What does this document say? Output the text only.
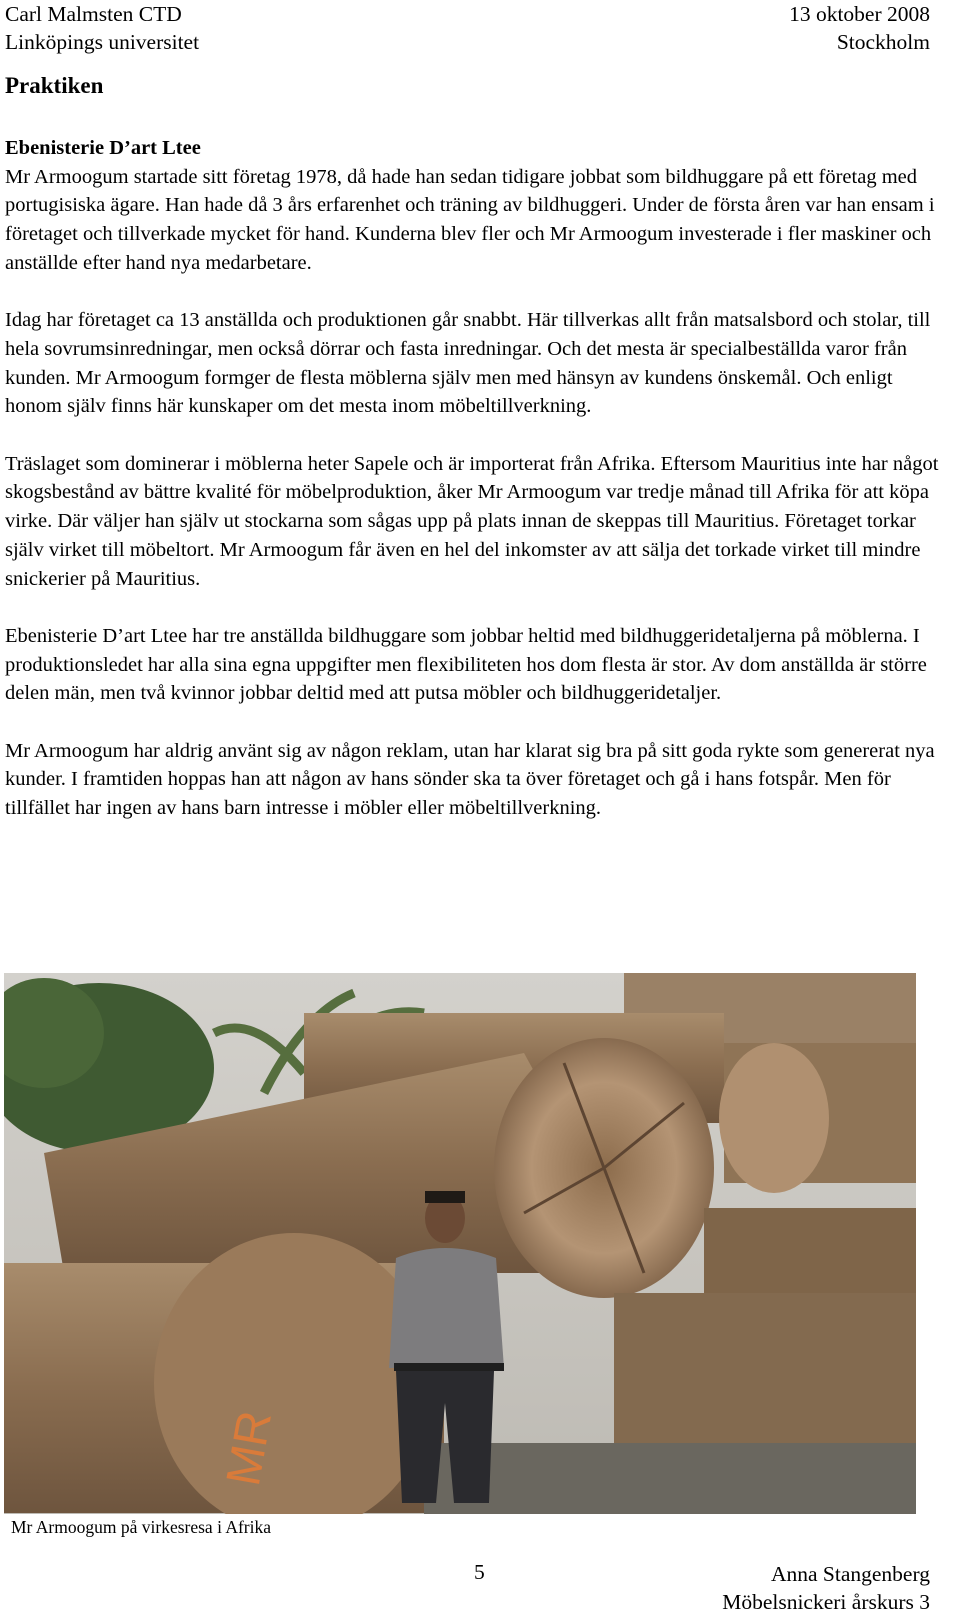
Carl Malmsten CTD
Linköpings universitet
13 oktober 2008
Stockholm
Praktiken
Ebenisterie D’art Ltee

Mr Armoogum startade sitt företag 1978, då hade han sedan tidigare jobbat som bildhuggare på ett företag med portugisiska ägare. Han hade då 3 års erfarenhet och träning av bildhuggeri. Under de första åren var han ensam i företaget och tillverkade mycket för hand. Kunderna blev fler och Mr Armoogum investerade i fler maskiner och anställde efter hand nya medarbetare.

Idag har företaget ca 13 anställda och produktionen går snabbt. Här tillverkas allt från matsalsbord och stolar, till hela sovrumsinredningar, men också dörrar och fasta inredningar. Och det mesta är specialbeställda varor från kunden. Mr Armoogum formger de flesta möblerna själv men med hänsyn av kundens önskemål. Och enligt honom själv finns här kunskaper om det mesta inom möbeltillverkning.

Träslaget som dominerar i möblerna heter Sapele och är importerat från Afrika. Eftersom Mauritius inte har något skogsbestånd av bättre kvalité för möbelproduktion, åker Mr Armoogum var tredje månad till Afrika för att köpa virke. Där väljer han själv ut stockarna som sågas upp på plats innan de skeppas till Mauritius. Företaget torkar själv virket till möbeltort. Mr Armoogum får även en hel del inkomster av att sälja det torkade virket till mindre snickerier på Mauritius.

Ebenisterie D’art Ltee har tre anställda bildhuggare som jobbar heltid med bildhuggeridetaljerna på möblerna. I produktionsledet har alla sina egna uppgifter men flexibiliteten hos dom flesta är stor. Av dom anställda är större delen män, men två kvinnor jobbar deltid med att putsa möbler och bildhuggeridetaljer.

Mr Armoogum har aldrig använt sig av någon reklam, utan har klarat sig bra på sitt goda rykte som genererat nya kunder. I framtiden hoppas han att någon av hans sönder ska ta över företaget och gå i hans fotspår. Men för tillfället har ingen av hans barn intresse i möbler eller möbeltillverkning.

MR
Mr Armoogum på virkesresa i Afrika
5	Anna Stangenberg
Möbelsnickeri årskurs 3
